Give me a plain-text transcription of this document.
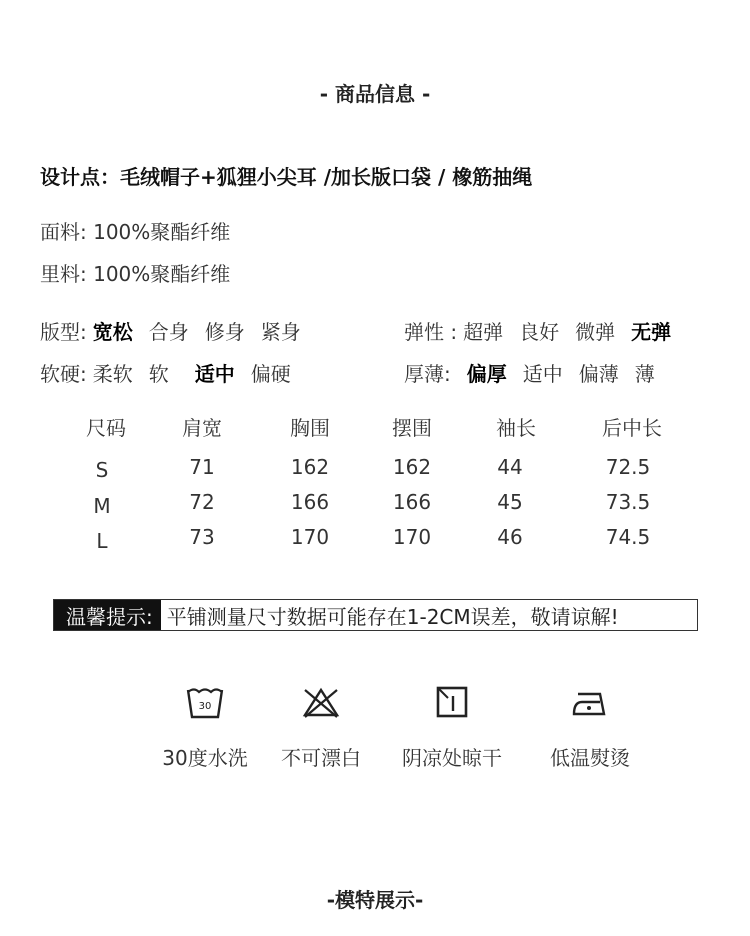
- 商品信息 -
设计点：毛绒帽子+狐狸小尖耳 /加长版口袋 / 橡筋抽绳
面料: 100%聚酯纤维
里料: 100%聚酯纤维
版型: 宽松 合身 修身 紧身	弹性 : 超弹 良好 微弹 无弹
软硬: 柔软 软 适中 偏硬	厚薄: 偏厚 适中 偏薄 薄
尺码	肩宽	胸围	摆围	袖长	后中长
S	71	162	162	44	72.5
M	72	166	166	45	73.5
L	73	170	170	46	74.5
温馨提示: 平铺测量尺寸数据可能存在1-2CM误差，敬请谅解!
30
30度水洗	不可漂白	阴凉处晾干	低温熨烫
-模特展示-
